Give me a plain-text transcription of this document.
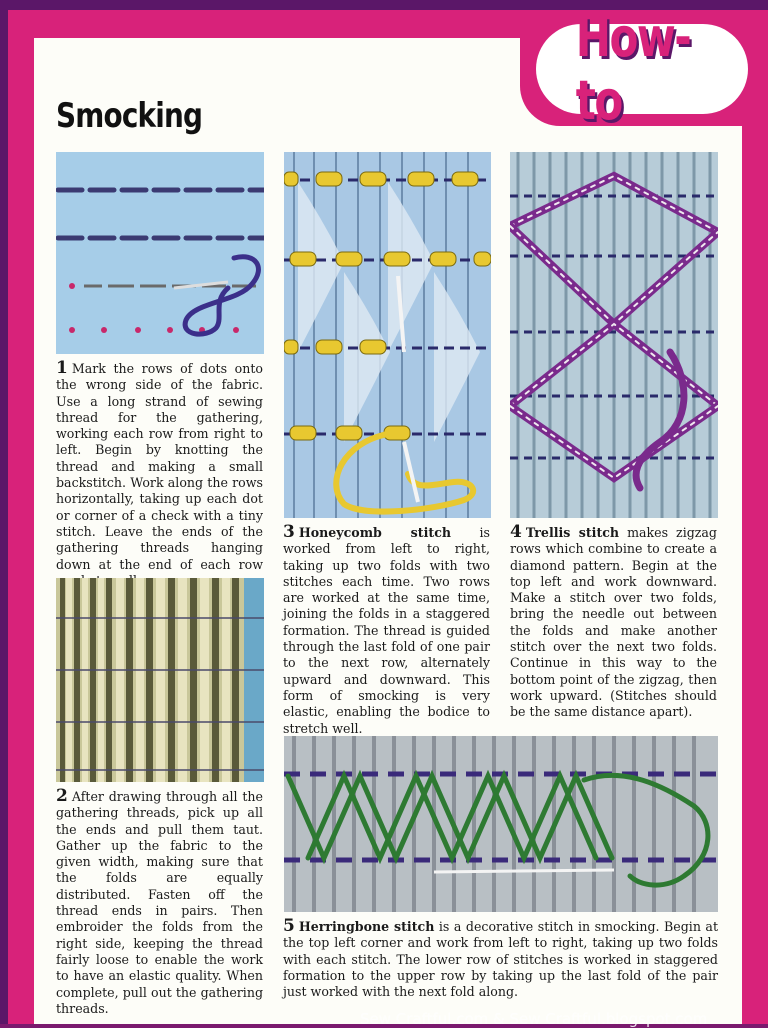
How-to
Smocking
1 Mark the rows of dots onto the wrong side of the fabric. Use a long strand of sewing thread for the gathering, working each row from right to left. Begin by knotting the thread and making a small backstitch. Work along the rows horizontally, taking up each dot or corner of a check with a tiny stitch. Leave the ends of the gathering threads hanging down at the end of each row
2 After drawing through all the gathering threads, pick up all the ends and pull them taut. Gather up the fabric to the given width, making sure that the folds are equally distributed. Fasten off the thread ends in pairs. Then embroider the folds from the right side, keeping the thread fairly loose to enable the work to have an elastic quality. When complete, pull out the gathering threads.
3 Honeycomb stitch is worked from left to right, taking up two folds with two stitches each time. Two rows are worked at the same time, joining the folds in a staggered formation. The thread is guided through the last fold of one pair to the next row, alternately upward and downward. This form of smocking is very elastic, enabling the bodice to stretch well.
4 Trellis stitch makes zigzag rows which combine to create a diamond pattern. Begin at the top left and work downward. Make a stitch over two folds, bring the needle out between the folds and make another stitch over the next two folds. Continue in this way to the bottom point of the zigzag, then work upward. (Stitches should be the same distance apart).
5 Herringbone stitch is a decorative stitch in smocking. Begin at the top left corner and work from left to right, taking up two folds with each stitch. The lower row of stitches is worked in staggered formation to the upper row by taking up the last fold of the pair just worked with the next fold along.
Sew Craftful.com & Sew Craftful.blogspot.com
